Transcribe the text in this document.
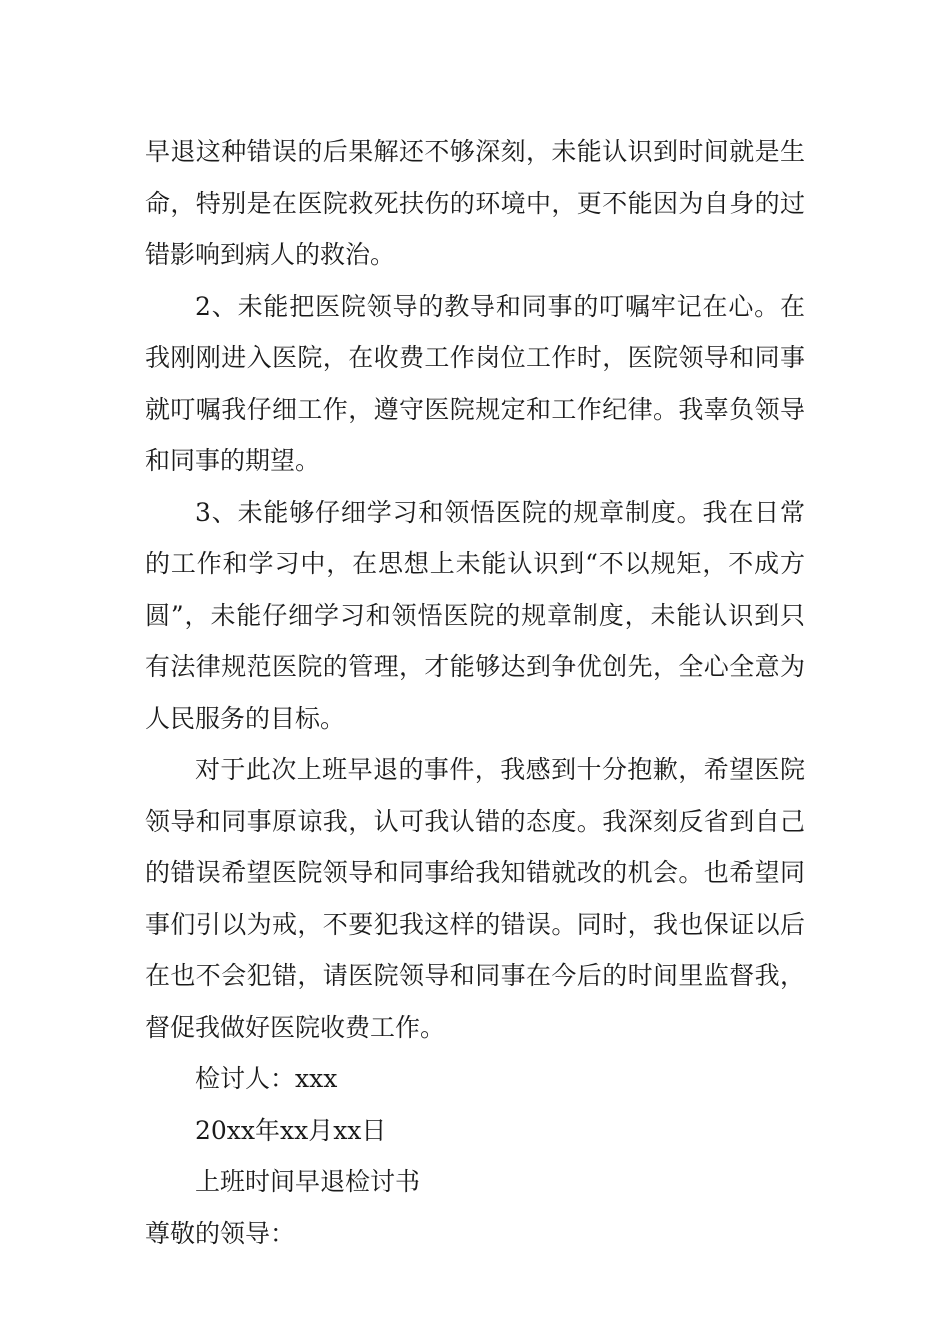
早退这种错误的后果解还不够深刻，未能认识到时间就是生命，特别是在医院救死扶伤的环境中，更不能因为自身的过错影响到病人的救治。

2、未能把医院领导的教导和同事的叮嘱牢记在心。在我刚刚进入医院，在收费工作岗位工作时，医院领导和同事就叮嘱我仔细工作，遵守医院规定和工作纪律。我辜负领导和同事的期望。

3、未能够仔细学习和领悟医院的规章制度。我在日常的工作和学习中，在思想上未能认识到“不以规矩，不成方圆”，未能仔细学习和领悟医院的规章制度，未能认识到只有法律规范医院的管理，才能够达到争优创先，全心全意为人民服务的目标。

对于此次上班早退的事件，我感到十分抱歉，希望医院领导和同事原谅我，认可我认错的态度。我深刻反省到自己的错误希望医院领导和同事给我知错就改的机会。也希望同事们引以为戒，不要犯我这样的错误。同时，我也保证以后在也不会犯错，请医院领导和同事在今后的时间里监督我，督促我做好医院收费工作。

检讨人：xxx

20xx年xx月xx日

上班时间早退检讨书

尊敬的领导：
